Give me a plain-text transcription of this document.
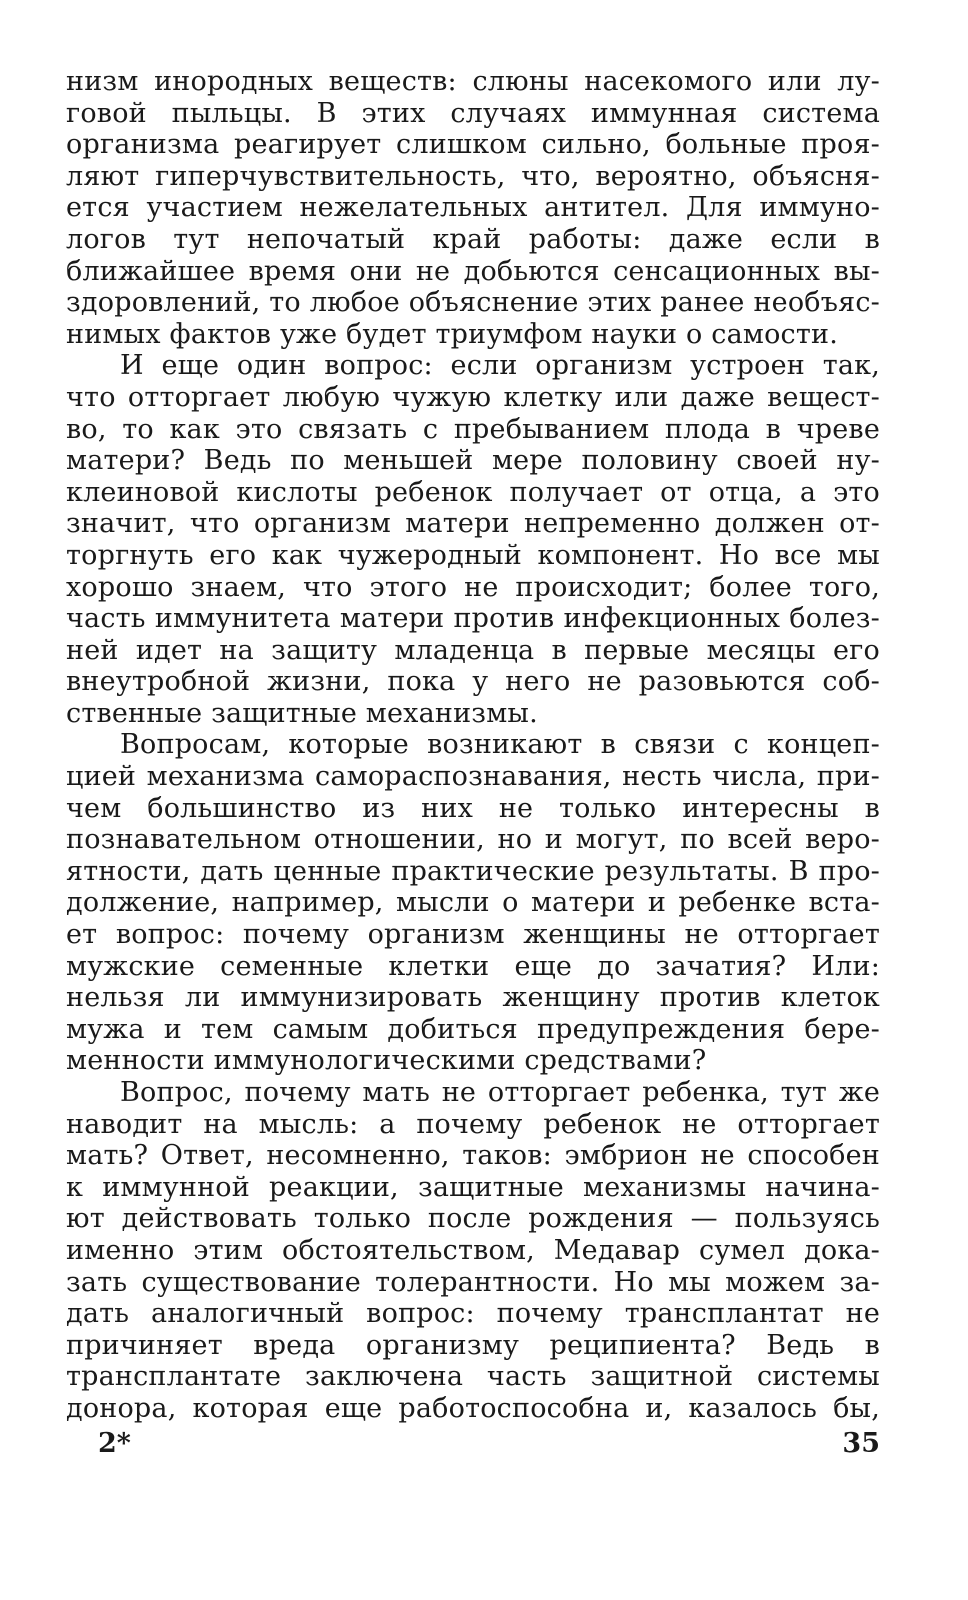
низм инородных веществ: слюны насекомого или лу-
говой пыльцы. В этих случаях иммунная система
организма реагирует слишком сильно, больные проя-
ляют гиперчувствительность, что, вероятно, объясня-
ется участием нежелательных антител. Для иммуно-
логов тут непочатый край работы: даже если в
ближайшее время они не добьются сенсационных вы-
здоровлений, то любое объяснение этих ранее необъяс-
нимых фактов уже будет триумфом науки о самости.
И еще один вопрос: если организм устроен так,
что отторгает любую чужую клетку или даже вещест-
во, то как это связать с пребыванием плода в чреве
матери? Ведь по меньшей мере половину своей ну-
клеиновой кислоты ребенок получает от отца, а это
значит, что организм матери непременно должен от-
торгнуть его как чужеродный компонент. Но все мы
хорошо знаем, что этого не происходит; более того,
часть иммунитета матери против инфекционных болез-
ней идет на защиту младенца в первые месяцы его
внеутробной жизни, пока у него не разовьются соб-
ственные защитные механизмы.
Вопросам, которые возникают в связи с концеп-
цией механизма самораспознавания, несть числа, при-
чем большинство из них не только интересны в
познавательном отношении, но и могут, по всей веро-
ятности, дать ценные практические результаты. В про-
должение, например, мысли о матери и ребенке вста-
ет вопрос: почему организм женщины не отторгает
мужские семенные клетки еще до зачатия? Или:
нельзя ли иммунизировать женщину против клеток
мужа и тем самым добиться предупреждения бере-
менности иммунологическими средствами?
Вопрос, почему мать не отторгает ребенка, тут же
наводит на мысль: а почему ребенок не отторгает
мать? Ответ, несомненно, таков: эмбрион не способен
к иммунной реакции, защитные механизмы начина-
ют действовать только после рождения — пользуясь
именно этим обстоятельством, Медавар сумел дока-
зать существование толерантности. Но мы можем за-
дать аналогичный вопрос: почему трансплантат не
причиняет вреда организму реципиента? Ведь в
трансплантате заключена часть защитной системы
донора, которая еще работоспособна и, казалось бы,
2*	35
